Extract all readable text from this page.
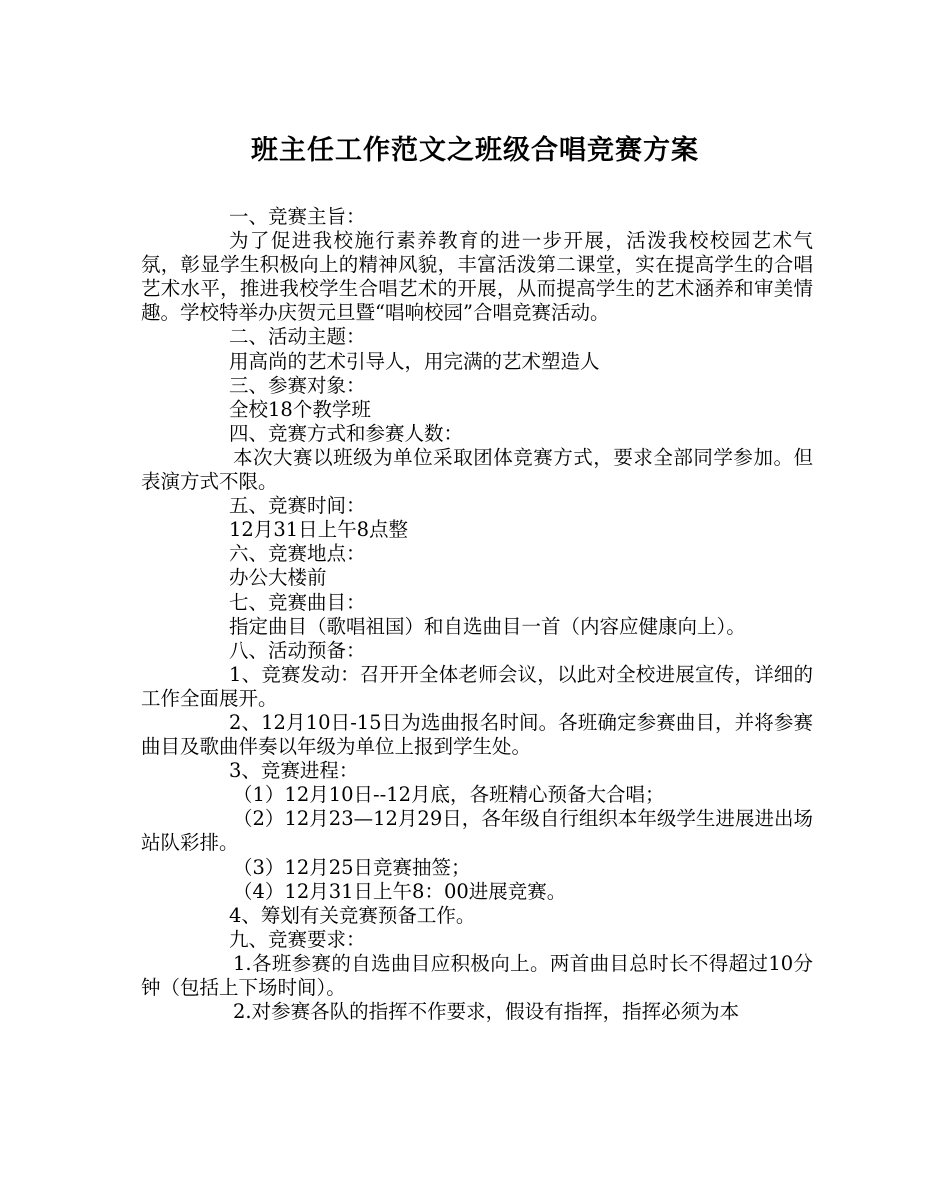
班主任工作范文之班级合唱竞赛方案

一、竞赛主旨：

为了促进我校施行素养教育的进一步开展，活泼我校校园艺术气氛，彰显学生积极向上的精神风貌，丰富活泼第二课堂，实在提高学生的合唱艺术水平，推进我校学生合唱艺术的开展，从而提高学生的艺术涵养和审美情趣。学校特举办庆贺元旦暨“唱响校园”合唱竞赛活动。

二、活动主题：

用高尚的艺术引导人，用完满的艺术塑造人

三、参赛对象：

全校18个教学班

四、竞赛方式和参赛人数：

本次大赛以班级为单位采取团体竞赛方式，要求全部同学参加。但表演方式不限。

五、竞赛时间：

12月31日上午8点整

六、竞赛地点：

办公大楼前

七、竞赛曲目：

指定曲目（歌唱祖国）和自选曲目一首（内容应健康向上）。

八、活动预备：

1、竞赛发动：召开开全体老师会议，以此对全校进展宣传，详细的工作全面展开。

2、12月10日-15日为选曲报名时间。各班确定参赛曲目，并将参赛曲目及歌曲伴奏以年级为单位上报到学生处。

3、竞赛进程：

（1）12月10日--12月底，各班精心预备大合唱；

（2）12月23—12月29日，各年级自行组织本年级学生进展进出场站队彩排。

（3）12月25日竞赛抽签；

（4）12月31日上午8：00进展竞赛。

4、筹划有关竞赛预备工作。

九、竞赛要求：

1.各班参赛的自选曲目应积极向上。两首曲目总时长不得超过10分钟（包括上下场时间）。

2.对参赛各队的指挥不作要求，假设有指挥，指挥必须为本
